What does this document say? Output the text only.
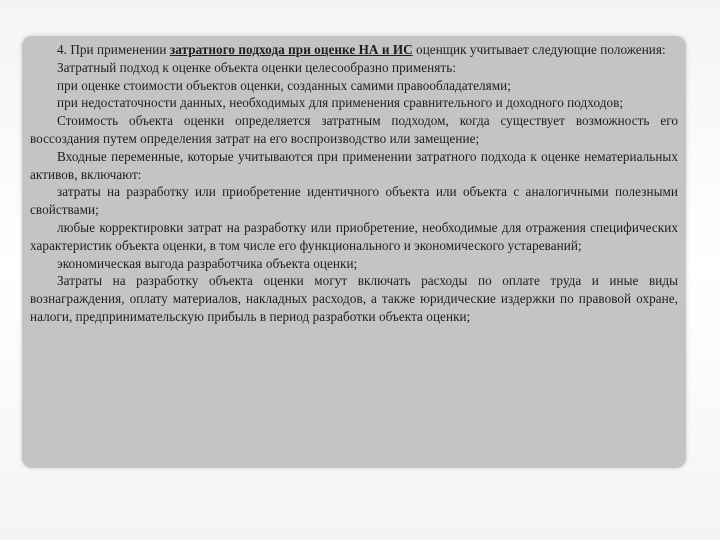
4. При применении затратного подхода при оценке НА и ИС оценщик учитывает следующие положения:

Затратный подход к оценке объекта оценки целесообразно применять:

при оценке стоимости объектов оценки, созданных самими правообладателями;

при недостаточности данных, необходимых для применения сравнительного и доходного подходов;

Стоимость объекта оценки определяется затратным подходом, когда существует возможность его воссоздания путем определения затрат на его воспроизводство или замещение;

Входные переменные, которые учитываются при применении затратного подхода к оценке нематериальных активов, включают:

затраты на разработку или приобретение идентичного объекта или объекта с аналогичными полезными свойствами;

любые корректировки затрат на разработку или приобретение, необходимые для отражения специфических характеристик объекта оценки, в том числе его функционального и экономического устареваний;

экономическая выгода разработчика объекта оценки;

Затраты на разработку объекта оценки могут включать расходы по оплате труда и иные виды вознаграждения, оплату материалов, накладных расходов, а также юридические издержки по правовой охране, налоги, предпринимательскую прибыль в период разработки объекта оценки;
